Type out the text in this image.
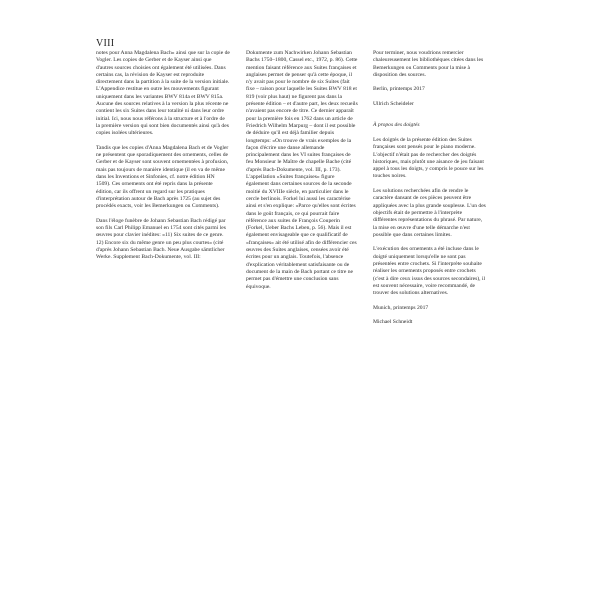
VIII

notes pour Anna Magdalena Bach» ainsi que sur la copie de Vogler. Les copies de Gerber et de Kayser ainsi que d'autres sources choisies ont également été utilisées. Dans certains cas, la révision de Kayser est reproduite directement dans la partition à la suite de la version initiale. L'Appendice restitue en outre les mouvements figurant uniquement dans les variantes BWV 814a et BWV 815a. Aucune des sources relatives à la version la plus récente ne contient les six Suites dans leur totalité ni dans leur ordre initial. Ici, nous nous référons à la structure et à l'ordre de la première version qui sont bien documentés ainsi qu'à des copies isolées ultérieures.

Tandis que les copies d'Anna Magdalena Bach et de Vogler ne présentent que sporadiquement des ornements, celles de Gerber et de Kayser sont souvent ornementées à profusion, mais pas toujours de manière identique (il en va de même dans les Inventions et Sinfonies, cf. notre édition HN 1509). Ces ornements ont été repris dans la présente édition, car ils offrent un regard sur les pratiques d'interprétation autour de Bach après 1725 (au sujet des procédés exacts, voir les Bemerkungen ou Comments).

Dans l'éloge funèbre de Johann Sebastian Bach rédigé par son fils Carl Philipp Emanuel en 1754 sont cités parmi les œuvres pour clavier inédites: «11) Six suites de ce genre. 12) Encore six du même genre un peu plus courtes» (cité d'après Johann Sebastian Bach. Neue Ausgabe sämtlicher Werke. Supplement Bach-Dokumente, vol. III:

Dokumente zum Nachwirken Johann Sebastian Bachs 1750–1800, Cassel etc., 1972, p. 86). Cette mention faisant référence aux Suites françaises et anglaises permet de penser qu'à cette époque, il n'y avait pas pour le nombre de six Suites (fait fixe – raison pour laquelle les Suites BWV 818 et 819 (voir plus haut) ne figurent pas dans la présente édition – et d'autre part, les deux recueils n'avaient pas encore de titre. Ce dernier apparaît pour la première fois en 1762 dans un article de Friedrich Wilhelm Marpurg – dont il est possible de déduire qu'il est déjà familier depuis longtemps: «On trouve de vrais exemples de la façon d'écrire une danse allemande principalement dans les VI suites françaises de feu Monsieur le Maître de chapelle Bache (cité d'après Bach-Dokumente, vol. III, p. 173). L'appellation «Suites françaises» figure également dans certaines sources de la seconde moitié du XVIIIe siècle, en particulier dans le cercle berlinois. Forkel lui aussi les caractérise ainsi et s'en explique: «Parce qu'elles sont écrites dans le goût français, ce qui pourrait faire référence aux suites de François Couperin (Forkel, Ueber Bachs Leben, p. 56). Mais il est également envisageable que ce qualificatif de «françaises» ait été utilisé afin de différencier ces œuvres des Suites anglaises, censées avoir été écrites pour un anglais. Toutefois, l'absence d'explication véritablement satisfaisante ou de document de la main de Bach portant ce titre ne permet pas d'émettre une conclusion sans équivoque.

Pour terminer, nous voudrions remercier chaleureusement les bibliothèques citées dans les Bemerkungen ou Comments pour la mise à disposition des sources.

Berlin, printemps 2017

Ullrich Scheideler

À propos des doigtés

Les doigtés de la présente édition des Suites françaises sont pensés pour le piano moderne. L'objectif n'était pas de rechercher des doigtés historiques, mais plutôt une aisance de jeu faisant appel à tous les doigts, y compris le pouce sur les touches noires.

Les solutions recherchées afin de rendre le caractère dansant de ces pièces peuvent être appliquées avec la plus grande souplesse. L'un des objectifs était de permettre à l'interprète différentes représentations du phrasé. Par nature, la mise en œuvre d'une telle démarche n'est possible que dans certaines limites.

L'exécution des ornements a été incluse dans le doigté uniquement lorsqu'elle ne sont pas présentées entre crochets. Si l'interprète souhaite réaliser les ornements proposés entre crochets (c'est à dire ceux issus des sources secondaires), il est souvent nécessaire, voire recommandé, de trouver des solutions alternatives.

Munich, printemps 2017

Michael Schneidt
